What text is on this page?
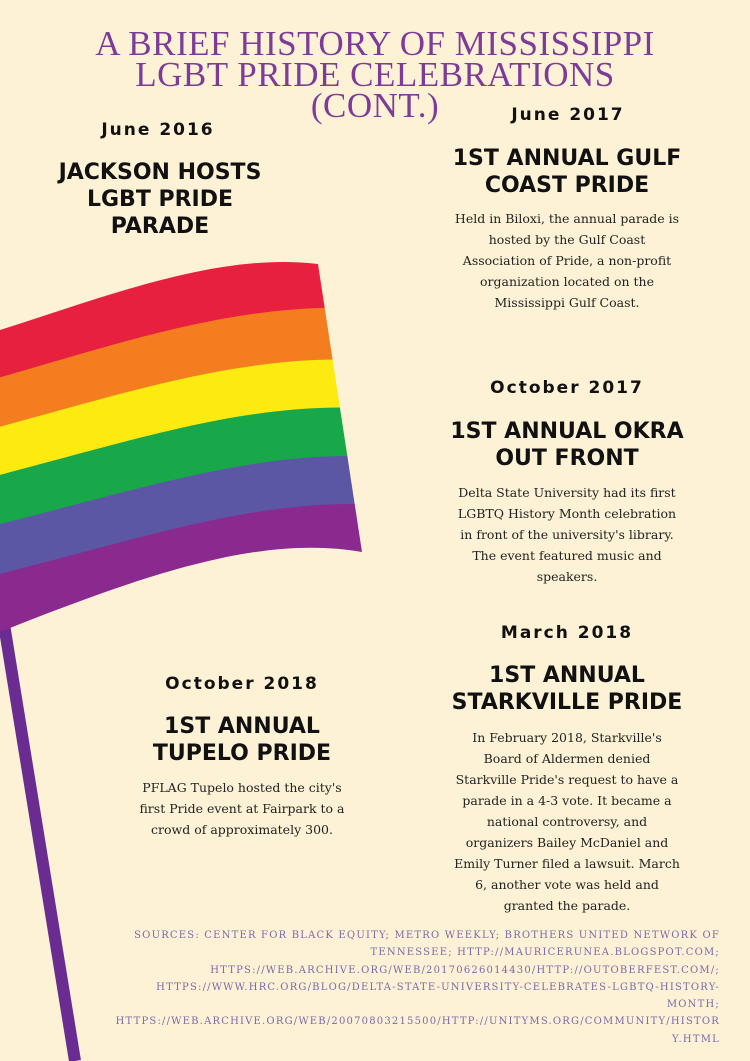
A BRIEF HISTORY OF MISSISSIPPI
LGBT PRIDE CELEBRATIONS
(CONT.)
June 2016
JACKSON HOSTS
LGBT PRIDE
PARADE
June 2017
1ST ANNUAL GULF
COAST PRIDE
Held in Biloxi, the annual parade is
hosted by the Gulf Coast
Association of Pride, a non-profit
organization located on the
Mississippi Gulf Coast.
October 2017
1ST ANNUAL OKRA
OUT FRONT
Delta State University had its first
LGBTQ History Month celebration
in front of the university's library.
The event featured music and
speakers.
March 2018
1ST ANNUAL
STARKVILLE PRIDE
In February 2018, Starkville's
Board of Aldermen denied
Starkville Pride's request to have a
parade in a 4-3 vote. It became a
national controversy, and
organizers Bailey McDaniel and
Emily Turner filed a lawsuit. March
6, another vote was held and
granted the parade.
October 2018
1ST ANNUAL
TUPELO PRIDE
PFLAG Tupelo hosted the city's
first Pride event at Fairpark to a
crowd of approximately 300.
SOURCES: CENTER FOR BLACK EQUITY; METRO WEEKLY; BROTHERS UNITED NETWORK OF
TENNESSEE; HTTP://MAURICERUNEA.BLOGSPOT.COM;
HTTPS://WEB.ARCHIVE.ORG/WEB/20170626014430/HTTP://OUTOBERFEST.COM/;
HTTPS://WWW.HRC.ORG/BLOG/DELTA-STATE-UNIVERSITY-CELEBRATES-LGBTQ-HISTORY-
MONTH;
HTTPS://WEB.ARCHIVE.ORG/WEB/20070803215500/HTTP://UNITYMS.ORG/COMMUNITY/HISTOR
Y.HTML
